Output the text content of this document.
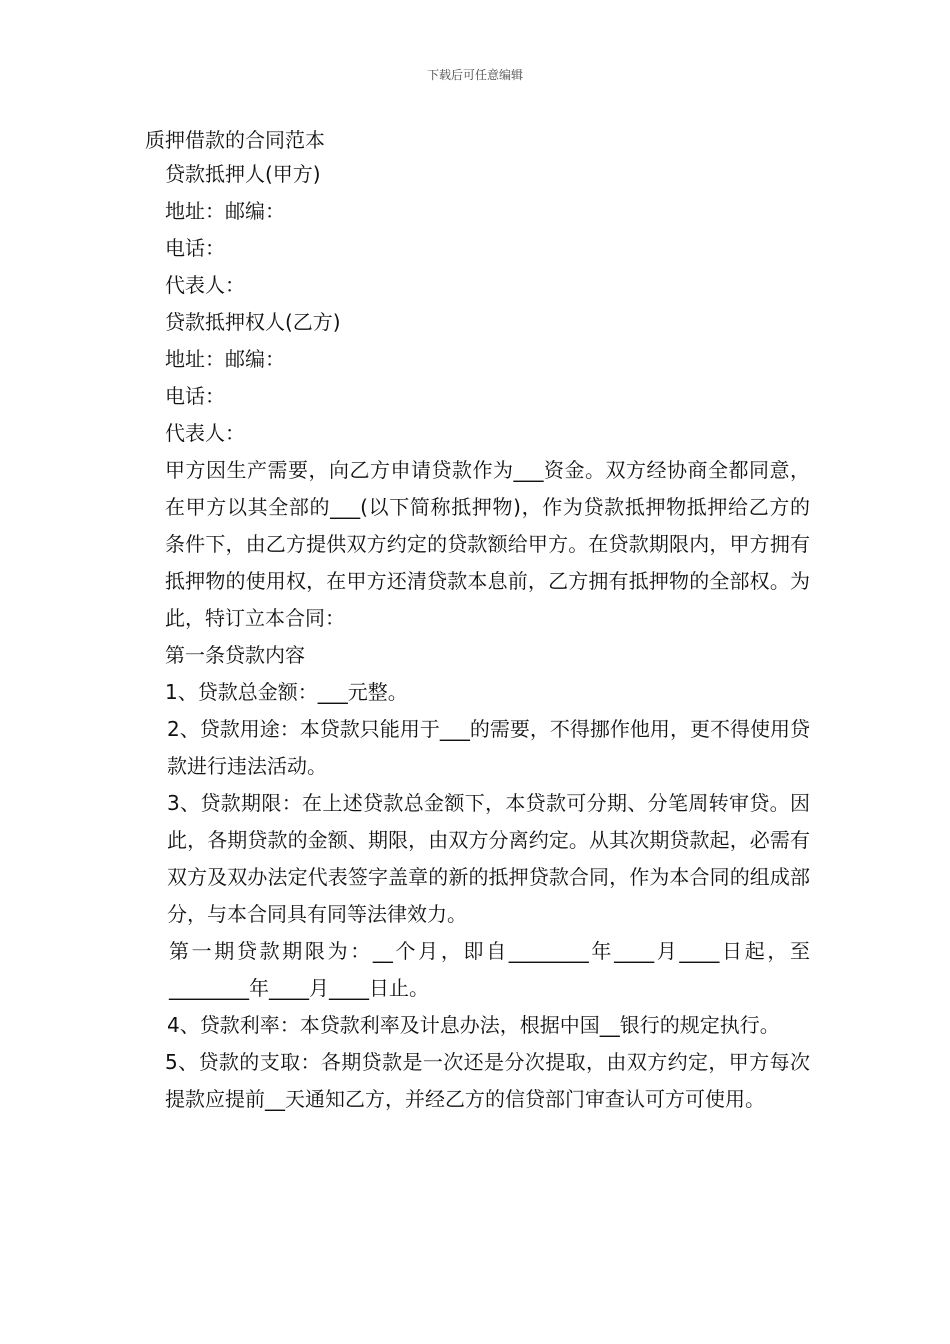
下载后可任意编辑

质押借款的合同范本

贷款抵押人(甲方)

地址：邮编：

电话：

代表人：

贷款抵押权人(乙方)

地址：邮编：

电话：

代表人：

甲方因生产需要，向乙方申请贷款作为___资金。双方经协商全都同意，在甲方以其全部的___(以下简称抵押物)，作为贷款抵押物抵押给乙方的条件下，由乙方提供双方约定的贷款额给甲方。在贷款期限内，甲方拥有抵押物的使用权，在甲方还清贷款本息前，乙方拥有抵押物的全部权。为此，特订立本合同：

第一条贷款内容

1、贷款总金额：___元整。

2、贷款用途：本贷款只能用于___的需要，不得挪作他用，更不得使用贷款进行违法活动。

3、贷款期限：在上述贷款总金额下，本贷款可分期、分笔周转审贷。因此，各期贷款的金额、期限，由双方分离约定。从其次期贷款起，必需有双方及双办法定代表签字盖章的新的抵押贷款合同，作为本合同的组成部分，与本合同具有同等法律效力。

第一期贷款期限为：__个月，即自________年____月____日起，至________年____月____日止。

4、贷款利率：本贷款利率及计息办法，根据中国__银行的规定执行。

5、贷款的支取：各期贷款是一次还是分次提取，由双方约定，甲方每次提款应提前__天通知乙方，并经乙方的信贷部门审查认可方可使用。
